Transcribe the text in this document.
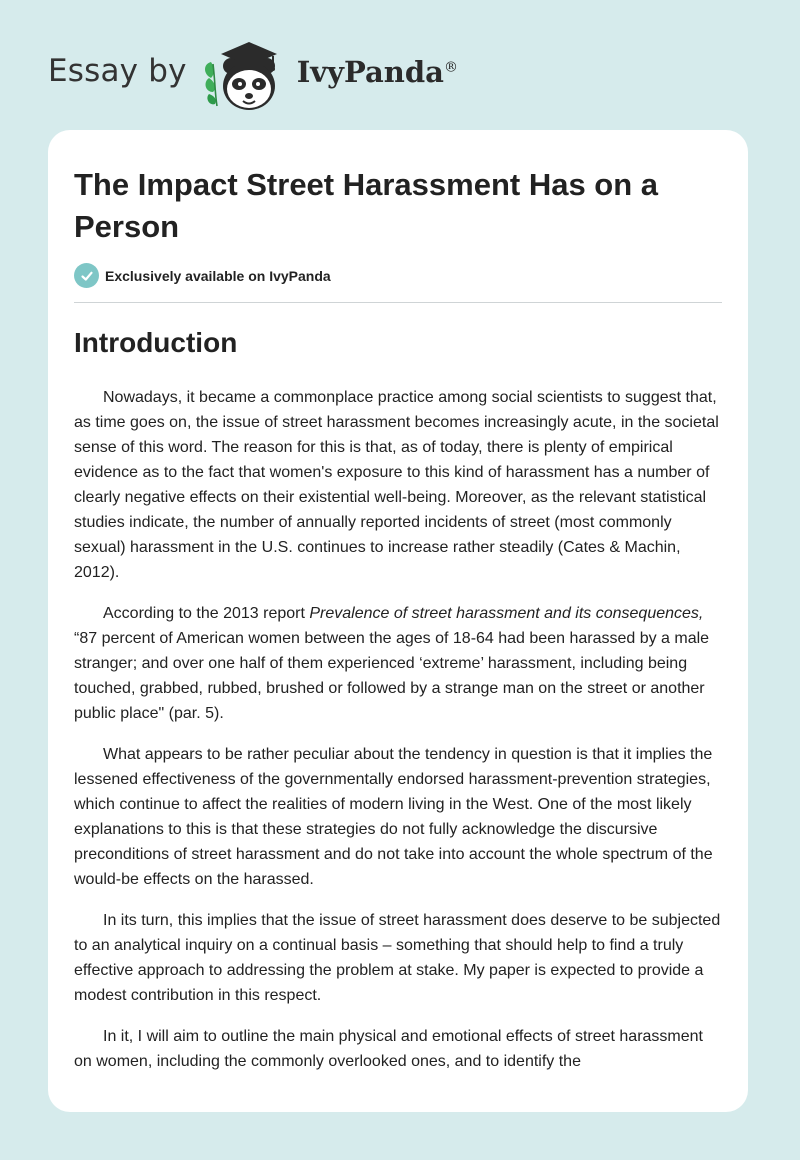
Essay by	IvyPanda®
The Impact Street Harassment Has on a Person
Exclusively available on IvyPanda
Introduction

Nowadays, it became a commonplace practice among social scientists to suggest that, as time goes on, the issue of street harassment becomes increasingly acute, in the societal sense of this word. The reason for this is that, as of today, there is plenty of empirical evidence as to the fact that women's exposure to this kind of harassment has a number of clearly negative effects on their existential well-being. Moreover, as the relevant statistical studies indicate, the number of annually reported incidents of street (most commonly sexual) harassment in the U.S. continues to increase rather steadily (Cates & Machin, 2012).

According to the 2013 report Prevalence of street harassment and its consequences, “87 percent of American women between the ages of 18-64 had been harassed by a male stranger; and over one half of them experienced ‘extreme’ harassment, including being touched, grabbed, rubbed, brushed or followed by a strange man on the street or another public place" (par. 5).

What appears to be rather peculiar about the tendency in question is that it implies the lessened effectiveness of the governmentally endorsed harassment-prevention strategies, which continue to affect the realities of modern living in the West. One of the most likely explanations to this is that these strategies do not fully acknowledge the discursive preconditions of street harassment and do not take into account the whole spectrum of the would-be effects on the harassed.

In its turn, this implies that the issue of street harassment does deserve to be subjected to an analytical inquiry on a continual basis – something that should help to find a truly effective approach to addressing the problem at stake. My paper is expected to provide a modest contribution in this respect.

In it, I will aim to outline the main physical and emotional effects of street harassment on women, including the commonly overlooked ones, and to identify the
